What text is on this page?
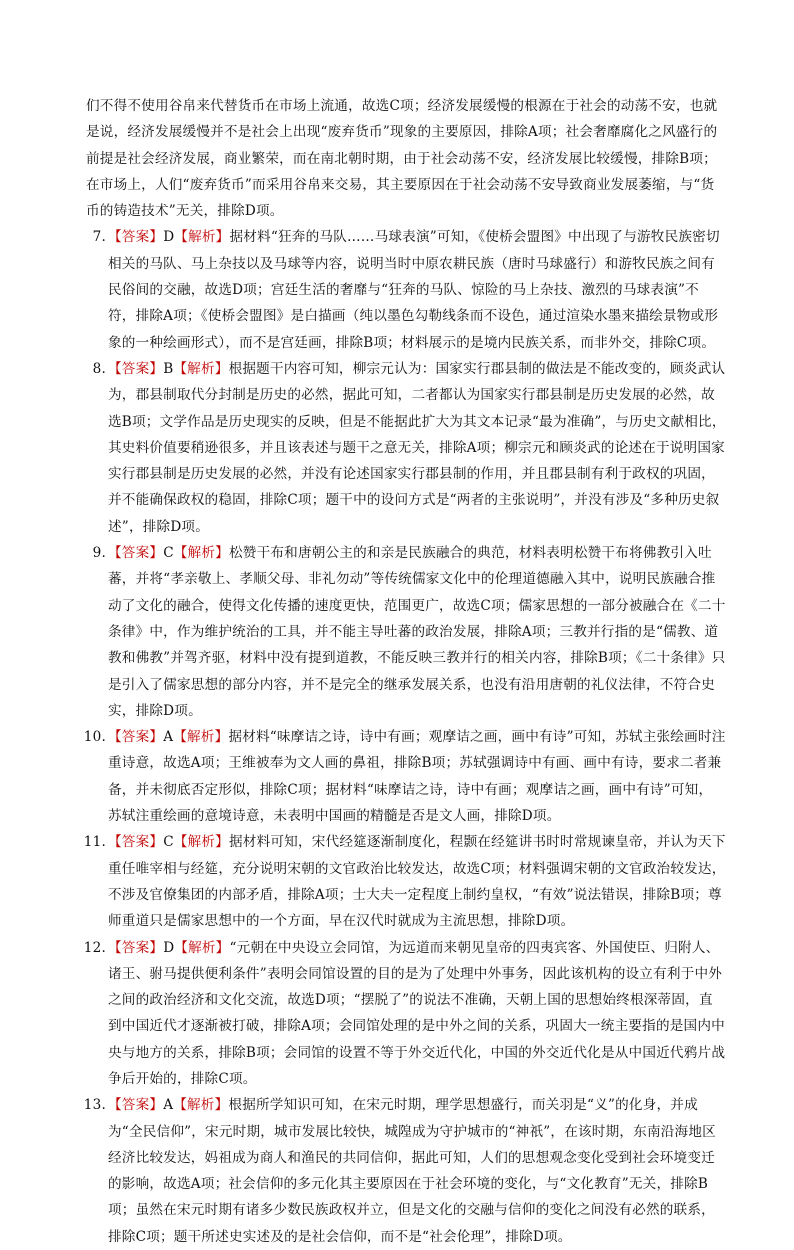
们不得不使用谷帛来代替货币在市场上流通，故选C项；经济发展缓慢的根源在于社会的动荡不安，也就是说，经济发展缓慢并不是社会上出现“废弃货币”现象的主要原因，排除A项；社会奢靡腐化之风盛行的前提是社会经济发展，商业繁荣，而在南北朝时期，由于社会动荡不安，经济发展比较缓慢，排除B项；在市场上，人们“废弃货币”而采用谷帛来交易，其主要原因在于社会动荡不安导致商业发展萎缩，与“货币的铸造技术”无关，排除D项。

7. 【答案】D【解析】据材料“狂奔的马队……马球表演”可知，《使桥会盟图》中出现了与游牧民族密切相关的马队、马上杂技以及马球等内容，说明当时中原农耕民族（唐时马球盛行）和游牧民族之间有民俗间的交融，故选D项；宫廷生活的奢靡与“狂奔的马队、惊险的马上杂技、激烈的马球表演”不符，排除A项；《使桥会盟图》是白描画（纯以墨色勾勒线条而不设色，通过渲染水墨来描绘景物或形象的一种绘画形式），而不是宫廷画，排除B项；材料展示的是境内民族关系，而非外交，排除C项。
8. 【答案】B【解析】根据题干内容可知，柳宗元认为：国家实行郡县制的做法是不能改变的，顾炎武认为，郡县制取代分封制是历史的必然，据此可知，二者都认为国家实行郡县制是历史发展的必然，故选B项；文学作品是历史现实的反映，但是不能据此扩大为其文本记录“最为准确”，与历史文献相比，其史料价值要稍逊很多，并且该表述与题干之意无关，排除A项；柳宗元和顾炎武的论述在于说明国家实行郡县制是历史发展的必然，并没有论述国家实行郡县制的作用，并且郡县制有利于政权的巩固，并不能确保政权的稳固，排除C项；题干中的设问方式是“两者的主张说明”，并没有涉及“多种历史叙述”，排除D项。
9. 【答案】C【解析】松赞干布和唐朝公主的和亲是民族融合的典范，材料表明松赞干布将佛教引入吐蕃，并将“孝亲敬上、孝顺父母、非礼勿动”等传统儒家文化中的伦理道德融入其中，说明民族融合推动了文化的融合，使得文化传播的速度更快，范围更广，故选C项；儒家思想的一部分被融合在《二十条律》中，作为维护统治的工具，并不能主导吐蕃的政治发展，排除A项；三教并行指的是“儒教、道教和佛教”并驾齐驱，材料中没有提到道教，不能反映三教并行的相关内容，排除B项；《二十条律》只是引入了儒家思想的部分内容，并不是完全的继承发展关系，也没有沿用唐朝的礼仪法律，不符合史实，排除D项。
10. 【答案】A【解析】据材料“味摩诘之诗，诗中有画；观摩诘之画，画中有诗”可知，苏轼主张绘画时注重诗意，故选A项；王维被奉为文人画的鼻祖，排除B项；苏轼强调诗中有画、画中有诗，要求二者兼备，并未彻底否定形似，排除C项；据材料“味摩诘之诗，诗中有画；观摩诘之画，画中有诗”可知，苏轼注重绘画的意境诗意，未表明中国画的精髓是否是文人画，排除D项。
11. 【答案】C【解析】据材料可知，宋代经筵逐渐制度化，程颢在经筵讲书时时常规谏皇帝，并认为天下重任唯宰相与经筵，充分说明宋朝的文官政治比较发达，故选C项；材料强调宋朝的文官政治较发达，不涉及官僚集团的内部矛盾，排除A项；士大夫一定程度上制约皇权，“有效”说法错误，排除B项；尊师重道只是儒家思想中的一个方面，早在汉代时就成为主流思想，排除D项。
12. 【答案】D【解析】“元朝在中央设立会同馆，为远道而来朝见皇帝的四夷宾客、外国使臣、归附人、诸王、驸马提供便利条件”表明会同馆设置的目的是为了处理中外事务，因此该机构的设立有利于中外之间的政治经济和文化交流，故选D项；“摆脱了”的说法不准确，天朝上国的思想始终根深蒂固，直到中国近代才逐渐被打破，排除A项；会同馆处理的是中外之间的关系，巩固大一统主要指的是国内中央与地方的关系，排除B项；会同馆的设置不等于外交近代化，中国的外交近代化是从中国近代鸦片战争后开始的，排除C项。
13. 【答案】A【解析】根据所学知识可知，在宋元时期，理学思想盛行，而关羽是“义”的化身，并成为“全民信仰”，宋元时期，城市发展比较快，城隍成为守护城市的“神祇”，在该时期，东南沿海地区经济比较发达，妈祖成为商人和渔民的共同信仰，据此可知，人们的思想观念变化受到社会环境变迁的影响，故选A项；社会信仰的多元化其主要原因在于社会环境的变化，与“文化教育”无关，排除B项；虽然在宋元时期有诸多少数民族政权并立，但是文化的交融与信仰的变化之间没有必然的联系，排除C项；题干所述史实述及的是社会信仰，而不是“社会伦理”，排除D项。
